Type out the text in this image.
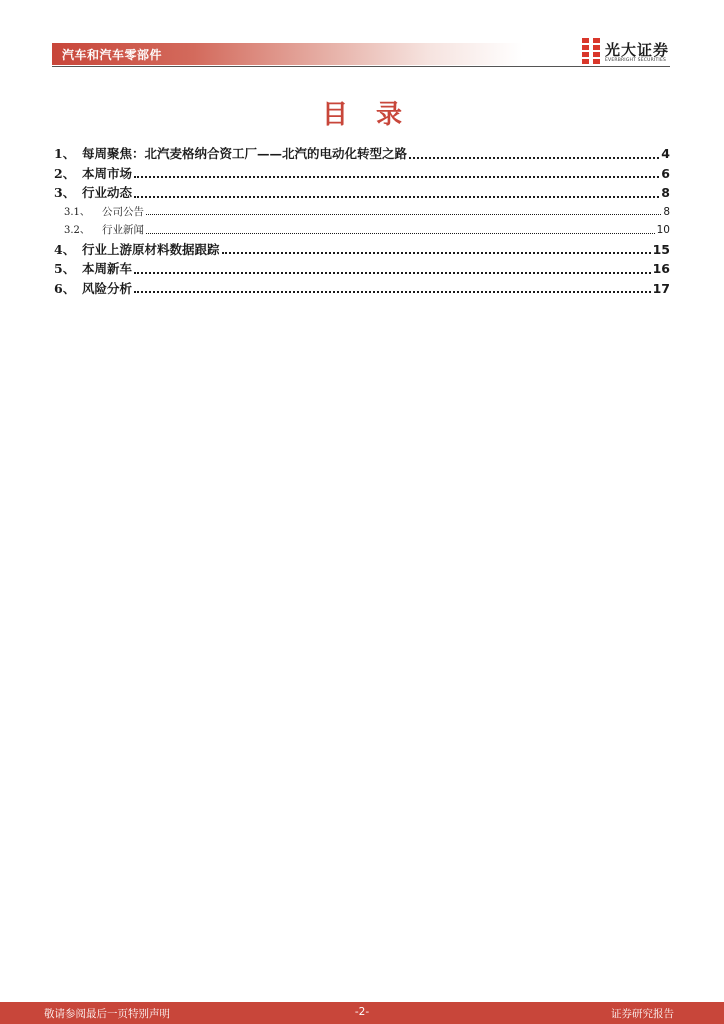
汽车和汽车零部件	光大证券
EVERBRIGHT SECURITIES
目录
1、 每周聚焦：北汽麦格纳合资工厂——北汽的电动化转型之路	4
2、 本周市场	6
3、 行业动态	8
3.1、	公司公告	8
3.2、	行业新闻	10
4、 行业上游原材料数据跟踪	15
5、 本周新车	16
6、 风险分析	17
-2-
敬请参阅最后一页特别声明	证券研究报告
